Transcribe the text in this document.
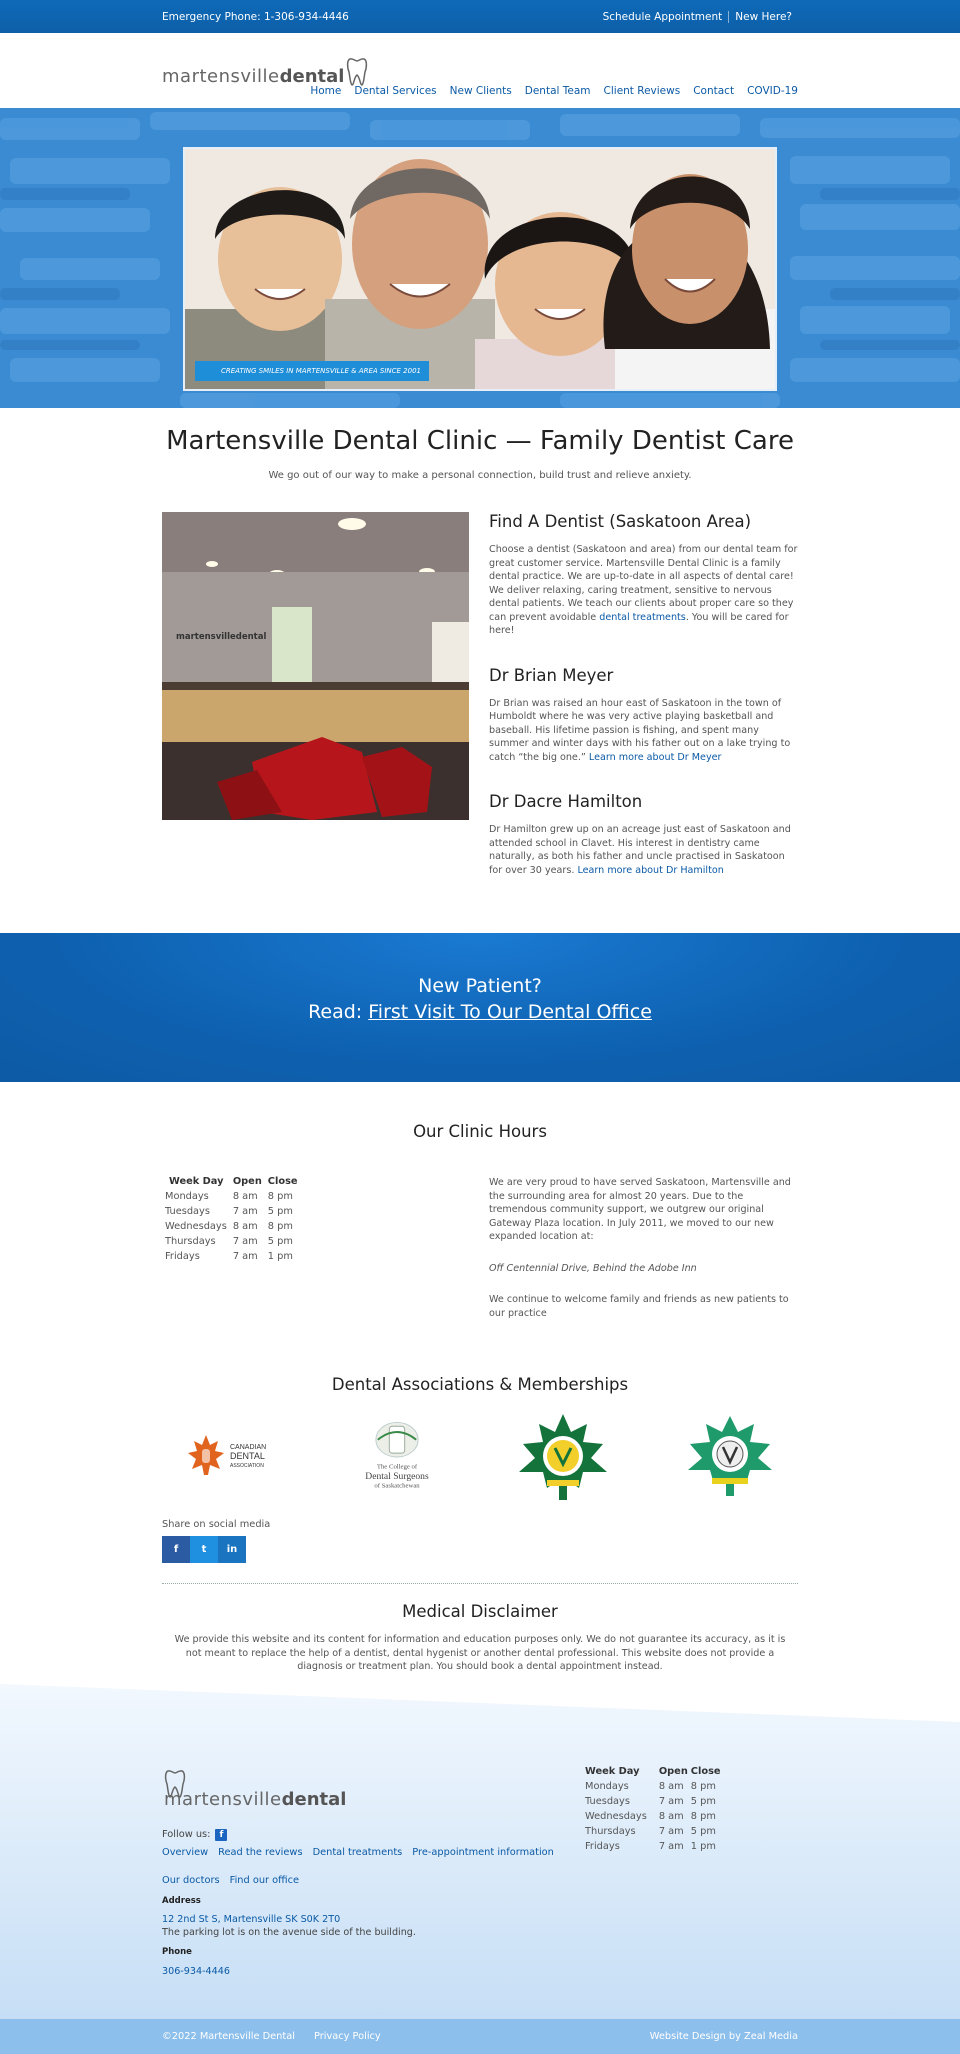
Emergency Phone: 1-306-934-4446	Schedule Appointment	New Here?
martensville dental
Home Dental Services New Clients Dental Team Client Reviews Contact COVID-19
CREATING SMILES IN MARTENSVILLE & AREA SINCE 2001
Martensville Dental Clinic — Family Dentist Care

We go out of our way to make a personal connection, build trust and relieve anxiety.

martensvilledental
Find A Dentist (Saskatoon Area)

Choose a dentist (Saskatoon and area) from our dental team for great customer service. Martensville Dental Clinic is a family dental practice. We are up-to-date in all aspects of dental care! We deliver relaxing, caring treatment, sensitive to nervous dental patients. We teach our clients about proper care so they can prevent avoidable dental treatments. You will be cared for here!

Dr Brian Meyer

Dr Brian was raised an hour east of Saskatoon in the town of Humboldt where he was very active playing basketball and baseball. His lifetime passion is fishing, and spent many summer and winter days with his father out on a lake trying to catch “the big one.” Learn more about Dr Meyer

Dr Dacre Hamilton

Dr Hamilton grew up on an acreage just east of Saskatoon and attended school in Clavet. His interest in dentistry came naturally, as both his father and uncle practised in Saskatoon for over 30 years. Learn more about Dr Hamilton

New Patient?
Read: First Visit To Our Dental Office
Our Clinic Hours
Week Day	Open	Close
Mondays	8 am	8 pm
Tuesdays	7 am	5 pm
Wednesdays	8 am	8 pm
Thursdays	7 am	5 pm
Fridays	7 am	1 pm

We are very proud to have served Saskatoon, Martensville and the surrounding area for almost 20 years. Due to the tremendous community support, we outgrew our original Gateway Plaza location. In July 2011, we moved to our new expanded location at:

Off Centennial Drive, Behind the Adobe Inn

We continue to welcome family and friends as new patients to our practice

Dental Associations & Memberships
CANADIAN
DENTAL
ASSOCIATION	The College of
Dental Surgeons
of Saskatchewan
Share on social media
f t in
Medical Disclaimer

We provide this website and its content for information and education purposes only. We do not guarantee its accuracy, as it is not meant to replace the help of a dentist, dental hygenist or another dental professional. This website does not provide a diagnosis or treatment plan. You should book a dental appointment instead.

martensville dental
Follow us:	f
Overview Read the reviews Dental treatments Pre-appointment information
Our doctors Find our office
Address
12 2nd St S, Martensville SK S0K 2T0
The parking lot is on the avenue side of the building.
Phone
306-934-4446
Week Day	Open	Close
Mondays	8 am	8 pm
Tuesdays	7 am	5 pm
Wednesdays	8 am	8 pm
Thursdays	7 am	5 pm
Fridays	7 am	1 pm
©2022 Martensville Dental Privacy Policy	Website Design by Zeal Media
